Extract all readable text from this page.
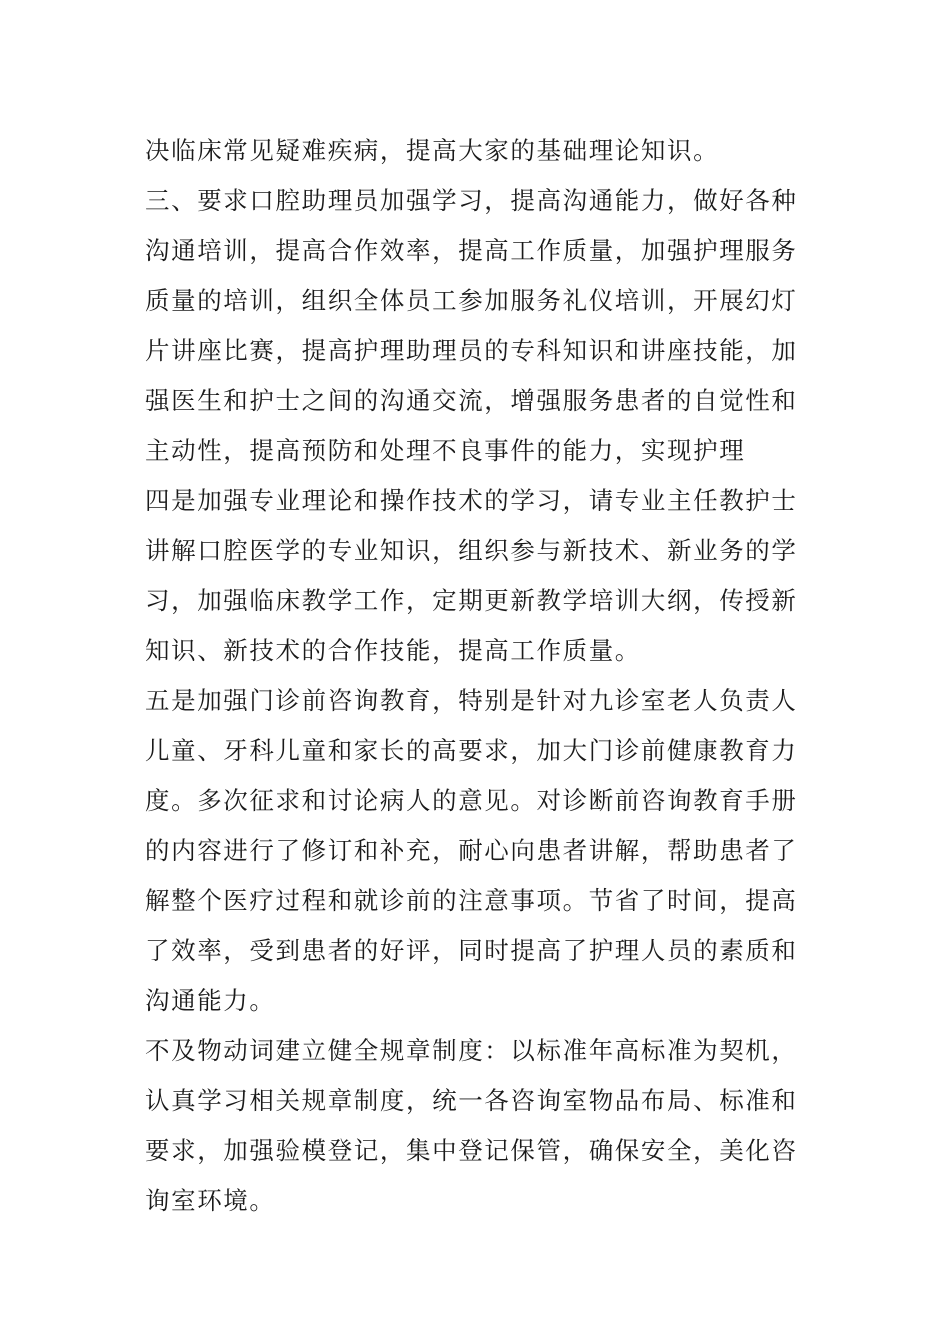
决临床常见疑难疾病，提高大家的基础理论知识。
三、要求口腔助理员加强学习，提高沟通能力，做好各种
沟通培训，提高合作效率，提高工作质量，加强护理服务
质量的培训，组织全体员工参加服务礼仪培训，开展幻灯
片讲座比赛，提高护理助理员的专科知识和讲座技能，加
强医生和护士之间的沟通交流，增强服务患者的自觉性和
主动性，提高预防和处理不良事件的能力，实现护理
四是加强专业理论和操作技术的学习，请专业主任教护士
讲解口腔医学的专业知识，组织参与新技术、新业务的学
习，加强临床教学工作，定期更新教学培训大纲，传授新
知识、新技术的合作技能，提高工作质量。
五是加强门诊前咨询教育，特别是针对九诊室老人负责人
儿童、牙科儿童和家长的高要求，加大门诊前健康教育力
度。多次征求和讨论病人的意见。对诊断前咨询教育手册
的内容进行了修订和补充，耐心向患者讲解，帮助患者了
解整个医疗过程和就诊前的注意事项。节省了时间，提高
了效率，受到患者的好评，同时提高了护理人员的素质和
沟通能力。
不及物动词建立健全规章制度：以标准年高标准为契机，
认真学习相关规章制度，统一各咨询室物品布局、标准和
要求，加强验模登记，集中登记保管，确保安全，美化咨
询室环境。
